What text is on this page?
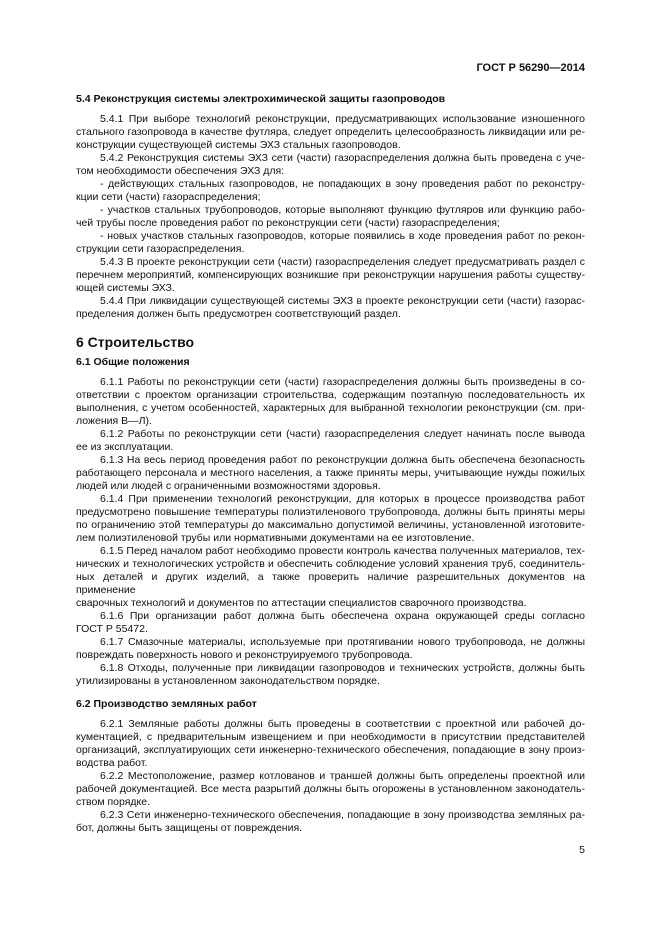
ГОСТ Р 56290—2014
5.4 Реконструкция системы электрохимической защиты газопроводов
5.4.1 При выборе технологий реконструкции, предусматривающих использование изношенного
стального газопровода в качестве футляра, следует определить целесообразность ликвидации или ре-
конструкции существующей системы ЭХЗ стальных газопроводов.
5.4.2 Реконструкция системы ЭХЗ сети (части) газораспределения должна быть проведена с уче-
том необходимости обеспечения ЭХЗ для:
- действующих стальных газопроводов, не попадающих в зону проведения работ по реконстру-
кции сети (части) газораспределения;
- участков стальных трубопроводов, которые выполняют функцию футляров или функцию рабо-
чей трубы после проведения работ по реконструкции сети (части) газораспределения;
- новых участков стальных газопроводов, которые появились в ходе проведения работ по рекон-
струкции сети газораспределения.
5.4.3 В проекте реконструкции сети (части) газораспределения следует предусматривать раздел с
перечнем мероприятий, компенсирующих возникшие при реконструкции нарушения работы существу-
ющей системы ЭХЗ.
5.4.4 При ликвидации существующей системы ЭХЗ в проекте реконструкции сети (части) газорас-
пределения должен быть предусмотрен соответствующий раздел.
6 Строительство
6.1 Общие положения
6.1.1 Работы по реконструкции сети (части) газораспределения должны быть произведены в со-
ответствии с проектом организации строительства, содержащим поэтапную последовательность их
выполнения, с учетом особенностей, характерных для выбранной технологии реконструкции (см. при-
ложения В—Л).
6.1.2 Работы по реконструкции сети (части) газораспределения следует начинать после вывода
ее из эксплуатации.
6.1.3 На весь период проведения работ по реконструкции должна быть обеспечена безопасность
работающего персонала и местного населения, а также приняты меры, учитывающие нужды пожилых
людей или людей с ограниченными возможностями здоровья.
6.1.4 При применении технологий реконструкции, для которых в процессе производства работ
предусмотрено повышение температуры полиэтиленового трубопровода, должны быть приняты меры
по ограничению этой температуры до максимально допустимой величины, установленной изготовите-
лем полиэтиленовой трубы или нормативными документами на ее изготовление.
6.1.5 Перед началом работ необходимо провести контроль качества полученных материалов, тех-
нических и технологических устройств и обеспечить соблюдение условий хранения труб, соединитель-
ных деталей и других изделий, а также проверить наличие разрешительных документов на применение
сварочных технологий и документов по аттестации специалистов сварочного производства.
6.1.6 При организации работ должна быть обеспечена охрана окружающей среды согласно
ГОСТ Р 55472.
6.1.7 Смазочные материалы, используемые при протягивании нового трубопровода, не должны
повреждать поверхность нового и реконструируемого трубопровода.
6.1.8 Отходы, полученные при ликвидации газопроводов и технических устройств, должны быть
утилизированы в установленном законодательством порядке.
6.2 Производство земляных работ
6.2.1 Земляные работы должны быть проведены в соответствии с проектной или рабочей до-
кументацией, с предварительным извещением и при необходимости в присутствии представителей
организаций, эксплуатирующих сети инженерно-технического обеспечения, попадающие в зону произ-
водства работ.
6.2.2 Местоположение, размер котлованов и траншей должны быть определены проектной или
рабочей документацией. Все места разрытий должны быть огорожены в установленном законодатель-
ством порядке.
6.2.3 Сети инженерно-технического обеспечения, попадающие в зону производства земляных ра-
бот, должны быть защищены от повреждения.
5
